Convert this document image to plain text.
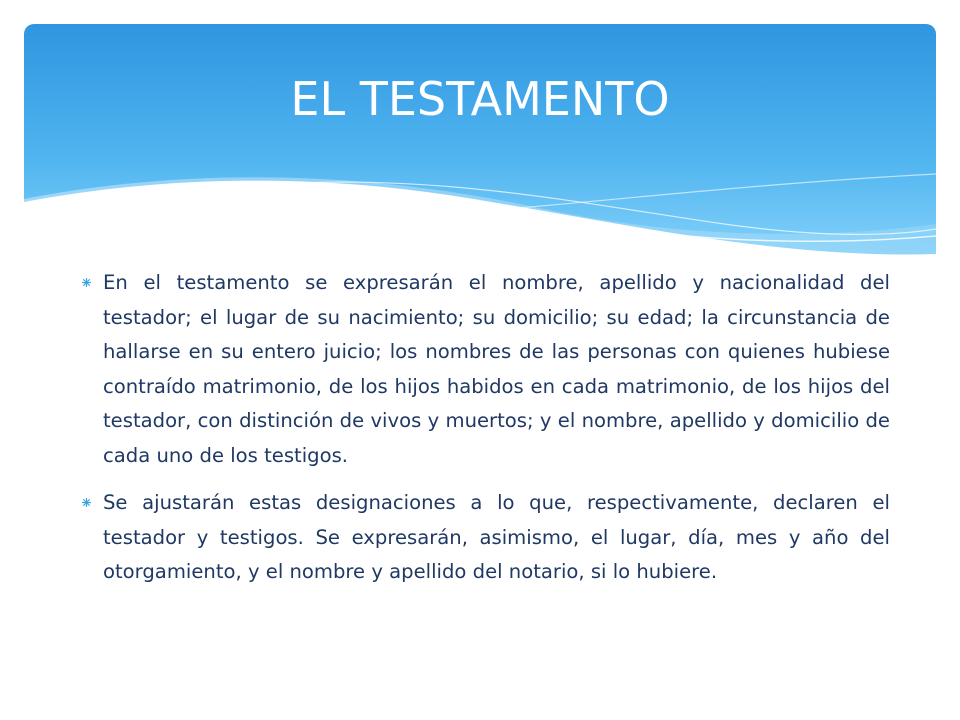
EL TESTAMENTO
En el testamento se expresarán el nombre, apellido y nacionalidad del testador; el lugar de su nacimiento; su domicilio; su edad; la circunstancia de hallarse en su entero juicio; los nombres de las personas con quienes hubiese contraído matrimonio, de los hijos habidos en cada matrimonio, de los hijos del testador, con distinción de vivos y muertos; y el nombre, apellido y domicilio de cada uno de los testigos.
Se ajustarán estas designaciones a lo que, respectivamente, declaren el testador y testigos. Se expresarán, asimismo, el lugar, día, mes y año del otorgamiento, y el nombre y apellido del notario, si lo hubiere.
